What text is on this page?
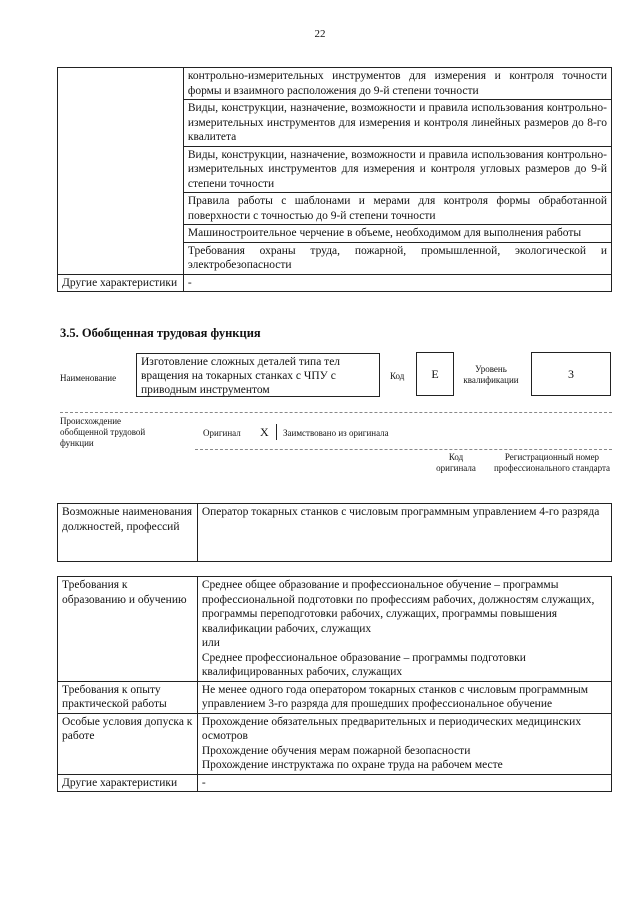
22
	контрольно-измерительных инструментов для измерения и контроля точности формы и взаимного расположения до 9-й степени точности
	Виды, конструкции, назначение, возможности и правила использования контрольно-измерительных инструментов для измерения и контроля линейных размеров до 8-го квалитета
	Виды, конструкции, назначение, возможности и правила использования контрольно-измерительных инструментов для измерения и контроля угловых размеров до 9-й степени точности
	Правила работы с шаблонами и мерами для контроля формы обработанной поверхности с точностью до 9-й степени точности
	Машиностроительное черчение в объеме, необходимом для выполнения работы
	Требования охраны труда, пожарной, промышленной, экологической и электробезопасности
Другие характеристики	-
3.5. Обобщенная трудовая функция
Наименование
Изготовление сложных деталей типа тел вращения на токарных станках с ЧПУ с приводным инструментом
Код E	Уровень квалификации	3
Происхождение обобщенной трудовой функции
Оригинал X Заимствовано из оригинала
Код оригинала
Регистрационный номер профессионального стандарта
Возможные наименования должностей, профессий	Оператор токарных станков с числовым программным управлением 4-го разряда
Требования к образованию и обучению	Среднее общее образование и профессиональное обучение – программы профессиональной подготовки по профессиям рабочих, должностям служащих, программы переподготовки рабочих, служащих, программы повышения квалификации рабочих, служащих
или
Среднее профессиональное образование – программы подготовки квалифицированных рабочих, служащих

Требования к опыту практической работы	Не менее одного года оператором токарных станков с числовым программным управлением 3-го разряда для прошедших профессиональное обучение

Особые условия допуска к работе	Прохождение обязательных предварительных и периодических медицинских осмотров
Прохождение обучения мерам пожарной безопасности
Прохождение инструктажа по охране труда на рабочем месте

Другие характеристики	-
